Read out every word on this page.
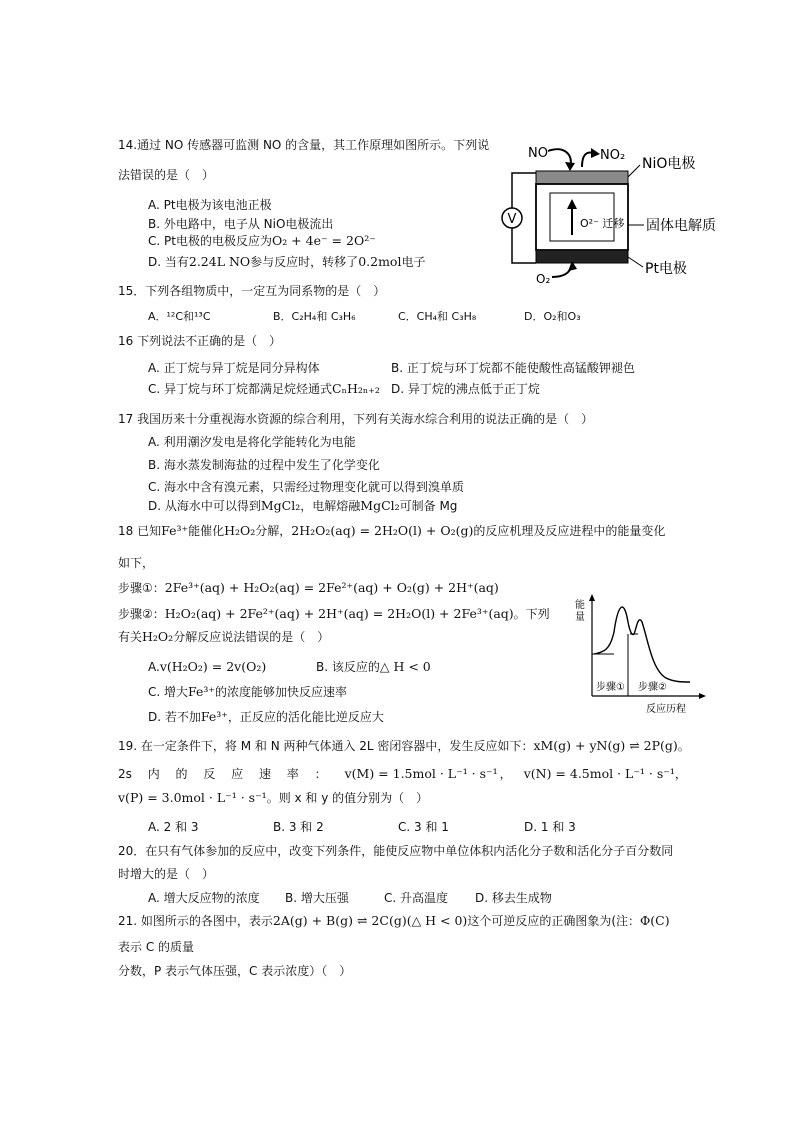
14.通过 NO 传感器可监测 NO 的含量，其工作原理如图所示。下列说
法错误的是（　）
A. Pt电极为该电池正极
B. 外电路中，电子从 NiO电极流出
C. Pt电极的电极反应为O₂ + 4e⁻ = 2O²⁻
D. 当有2.24L NO参与反应时，转移了0.2mol电子
V	O²⁻ 迁移
NO	NO₂
O₂
NiO电极
固体电解质
Pt电极
15．下列各组物质中，一定互为同系物的是（　）
A．¹²C和¹³C	B．C₂H₄和 C₃H₆	C．CH₄和 C₃H₈	D．O₂和O₃
16 下列说法不正确的是（　）
A. 正丁烷与异丁烷是同分异构体	B. 正丁烷与环丁烷都不能使酸性高锰酸钾褪色
C. 异丁烷与环丁烷都满足烷烃通式CₙH₂ₙ₊₂ D. 异丁烷的沸点低于正丁烷
17 我国历来十分重视海水资源的综合利用，下列有关海水综合利用的说法正确的是（　）
A. 利用潮汐发电是将化学能转化为电能
B. 海水蒸发制海盐的过程中发生了化学变化
C. 海水中含有溴元素，只需经过物理变化就可以得到溴单质
D. 从海水中可以得到MgCl₂，电解熔融MgCl₂可制备 Mg
18 已知Fe³⁺能催化H₂O₂分解，2H₂O₂(aq) = 2H₂O(l) + O₂(g)的反应机理及反应进程中的能量变化
如下，
步骤①：2Fe³⁺(aq) + H₂O₂(aq) = 2Fe²⁺(aq) + O₂(g) + 2H⁺(aq)
步骤②：H₂O₂(aq) + 2Fe²⁺(aq) + 2H⁺(aq) = 2H₂O(l) + 2Fe³⁺(aq)。下列
有关H₂O₂分解反应说法错误的是（　）
A.v(H₂O₂) = 2v(O₂)	B. 该反应的△ H < 0
C. 增大Fe³⁺的浓度能够加快反应速率
D. 若不加Fe³⁺，正反应的活化能比逆反应大
能
量
步骤① 步骤②
反应历程
19. 在一定条件下，将 M 和 N 两种气体通入 2L 密闭容器中，发生反应如下：xM(g) + yN(g) ⇌ 2P(g)。
2s　 内　 的　 反　 应　 速　 率　 ： v(M) = 1.5mol · L⁻¹ · s⁻¹ ， v(N) = 4.5mol · L⁻¹ · s⁻¹，
v(P) = 3.0mol · L⁻¹ · s⁻¹。则 x 和 y 的值分别为（　）
A. 2 和 3	B. 3 和 2	C. 3 和 1	D. 1 和 3
20．在只有气体参加的反应中，改变下列条件，能使反应物中单位体积内活化分子数和活化分子百分数同
时增大的是（　）
A. 增大反应物的浓度 B. 增大压强	C. 升高温度 D. 移去生成物
21. 如图所示的各图中，表示2A(g) + B(g) ⇌ 2C(g)(△ H < 0)这个可逆反应的正确图象为(注：Φ(C)
表示 C 的质量
分数，P 表示气体压强，C 表示浓度）（　）
